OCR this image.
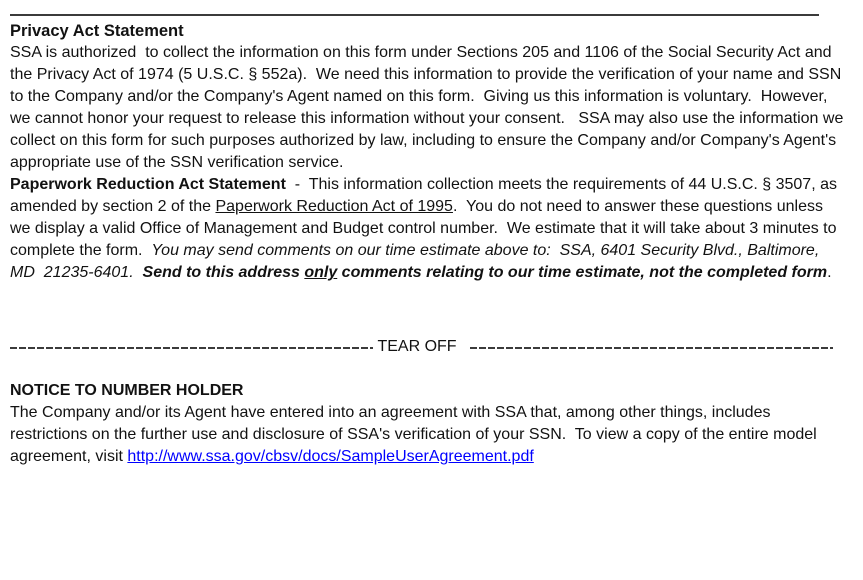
Privacy Act Statement

SSA is authorized  to collect the information on this form under Sections 205 and 1106 of the Social Security Act and the Privacy Act of 1974 (5 U.S.C. § 552a).  We need this information to provide the verification of your name and SSN to the Company and/or the Company's Agent named on this form.  Giving us this information is voluntary.  However, we cannot honor your request to release this information without your consent.   SSA may also use the information we collect on this form for such purposes authorized by law, including to ensure the Company and/or Company's Agent's appropriate use of the SSN verification service.

Paperwork Reduction Act Statement  -  This information collection meets the requirements of 44 U.S.C. § 3507, as amended by section 2 of the Paperwork Reduction Act of 1995.  You do not need to answer these questions unless we display a valid Office of Management and Budget control number.  We estimate that it will take about 3 minutes to complete the form.  You may send comments on our time estimate above to:  SSA, 6401 Security Blvd., Baltimore, MD  21235-6401.  Send to this address only comments relating to our time estimate, not the completed form.

TEAR OFF
NOTICE TO NUMBER HOLDER

The Company and/or its Agent have entered into an agreement with SSA that, among other things, includes restrictions on the further use and disclosure of SSA's verification of your SSN.  To view a copy of the entire model agreement, visit http://www.ssa.gov/cbsv/docs/SampleUserAgreement.pdf
